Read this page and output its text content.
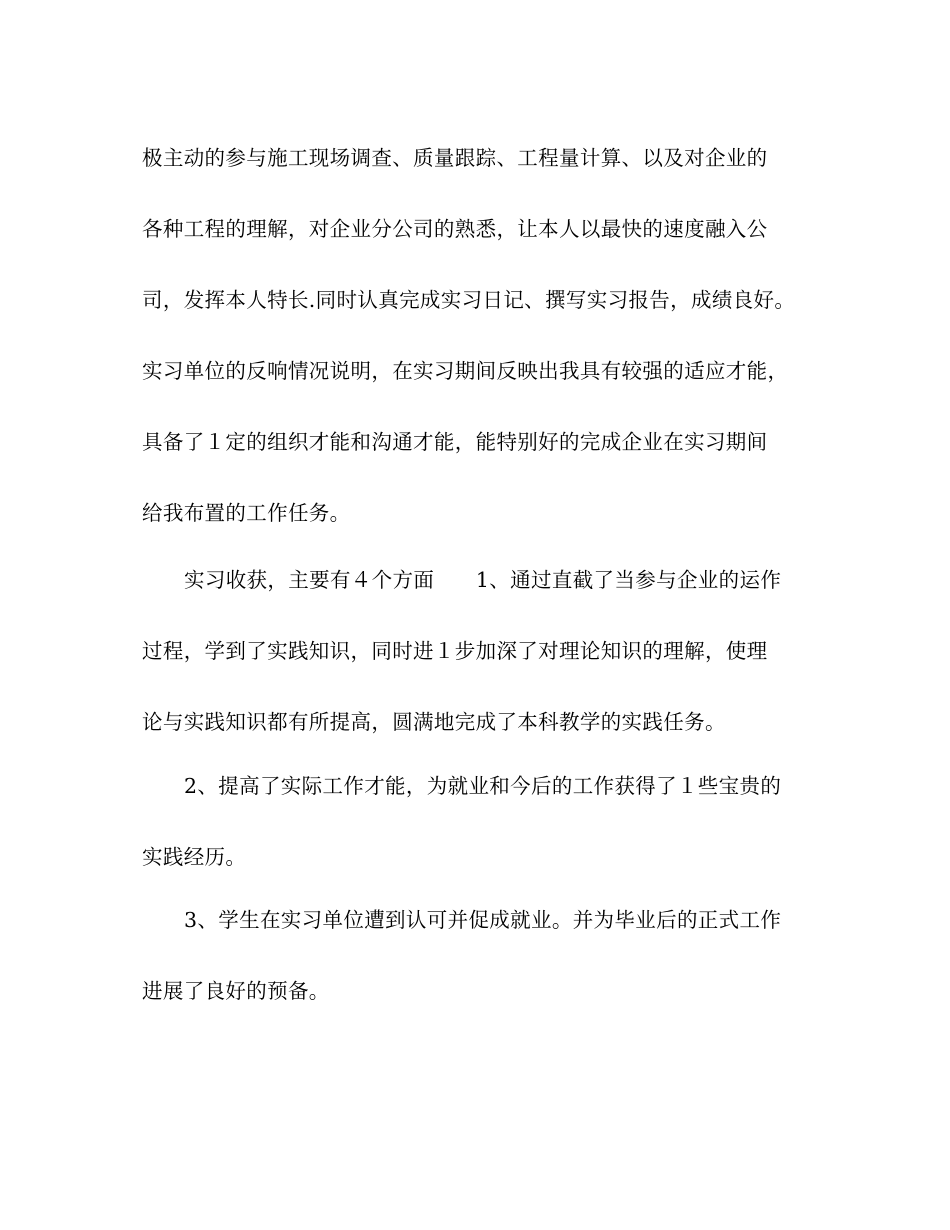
极主动的参与施工现场调查、质量跟踪、工程量计算、以及对企业的
各种工程的理解，对企业分公司的熟悉，让本人以最快的速度融入公
司，发挥本人特长.同时认真完成实习日记、撰写实习报告，成绩良好。
实习单位的反响情况说明，在实习期间反映出我具有较强的适应才能，
具备了１定的组织才能和沟通才能，能特别好的完成企业在实习期间
给我布置的工作任务。
实习收获，主要有４个方面　　1、通过直截了当参与企业的运作
过程，学到了实践知识，同时进１步加深了对理论知识的理解，使理
论与实践知识都有所提高，圆满地完成了本科教学的实践任务。
2、提高了实际工作才能，为就业和今后的工作获得了１些宝贵的
实践经历。
3、学生在实习单位遭到认可并促成就业。并为毕业后的正式工作
进展了良好的预备。
